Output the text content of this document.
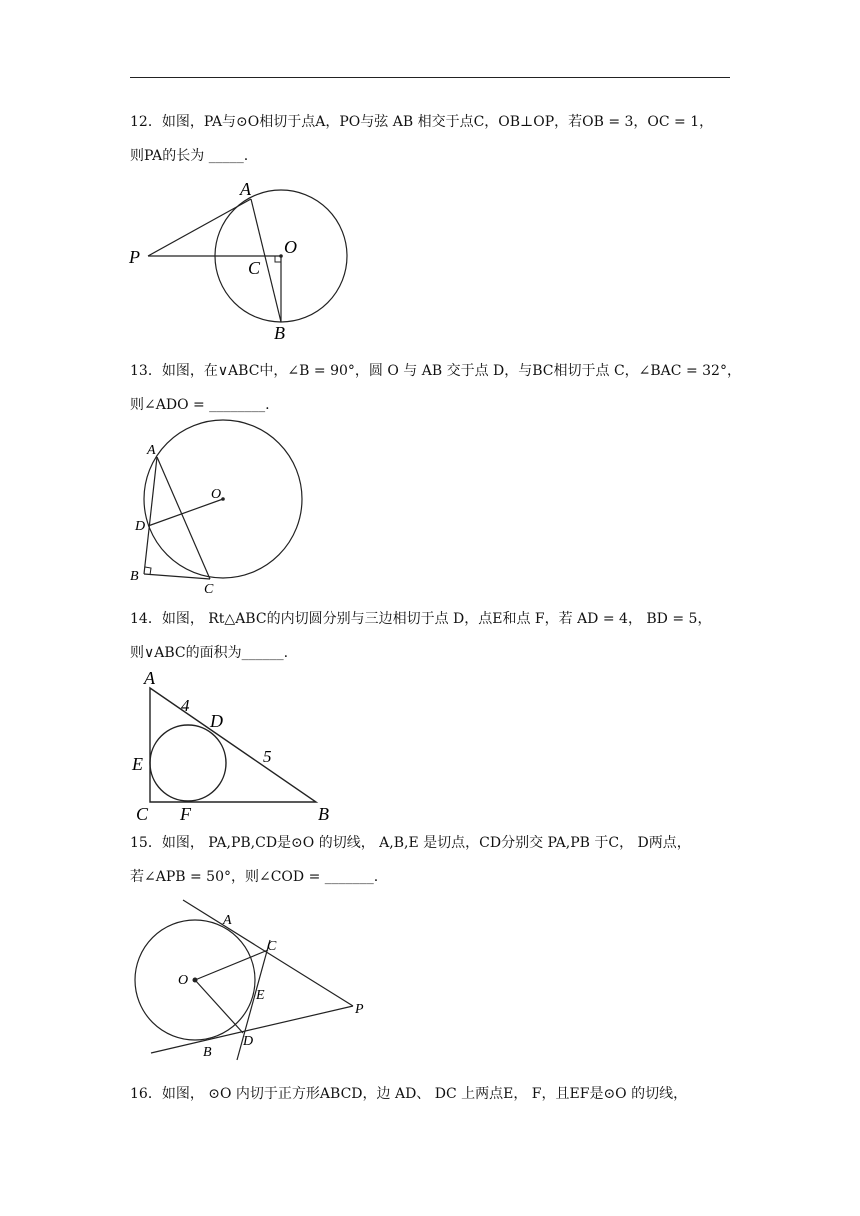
12．如图，PA与⊙O相切于点A，PO与弦 AB 相交于点C，OB⊥OP，若OB = 3，OC = 1，
则PA的长为 _____.
A
O
P
C
B
13．如图，在∨ABC中，∠B = 90°，圆 O 与 AB 交于点 D，与BC相切于点 C，∠BAC = 32°，
则∠ADO = ________.
A
O
D
B
C
14．如图， Rt△ABC的内切圆分别与三边相切于点 D，点E和点 F，若 AD = 4， BD = 5，
则∨ABC的面积为______.
A
4
D
5
E
C F	B
15．如图， PA,PB,CD是⊙O 的切线， A,B,E 是切点，CD分别交 PA,PB 于C， D两点，
若∠APB = 50°，则∠COD = _______.
A
C
O
E
P
B
D
16．如图， ⊙O 内切于正方形ABCD，边 AD、 DC 上两点E， F，且EF是⊙O 的切线，
